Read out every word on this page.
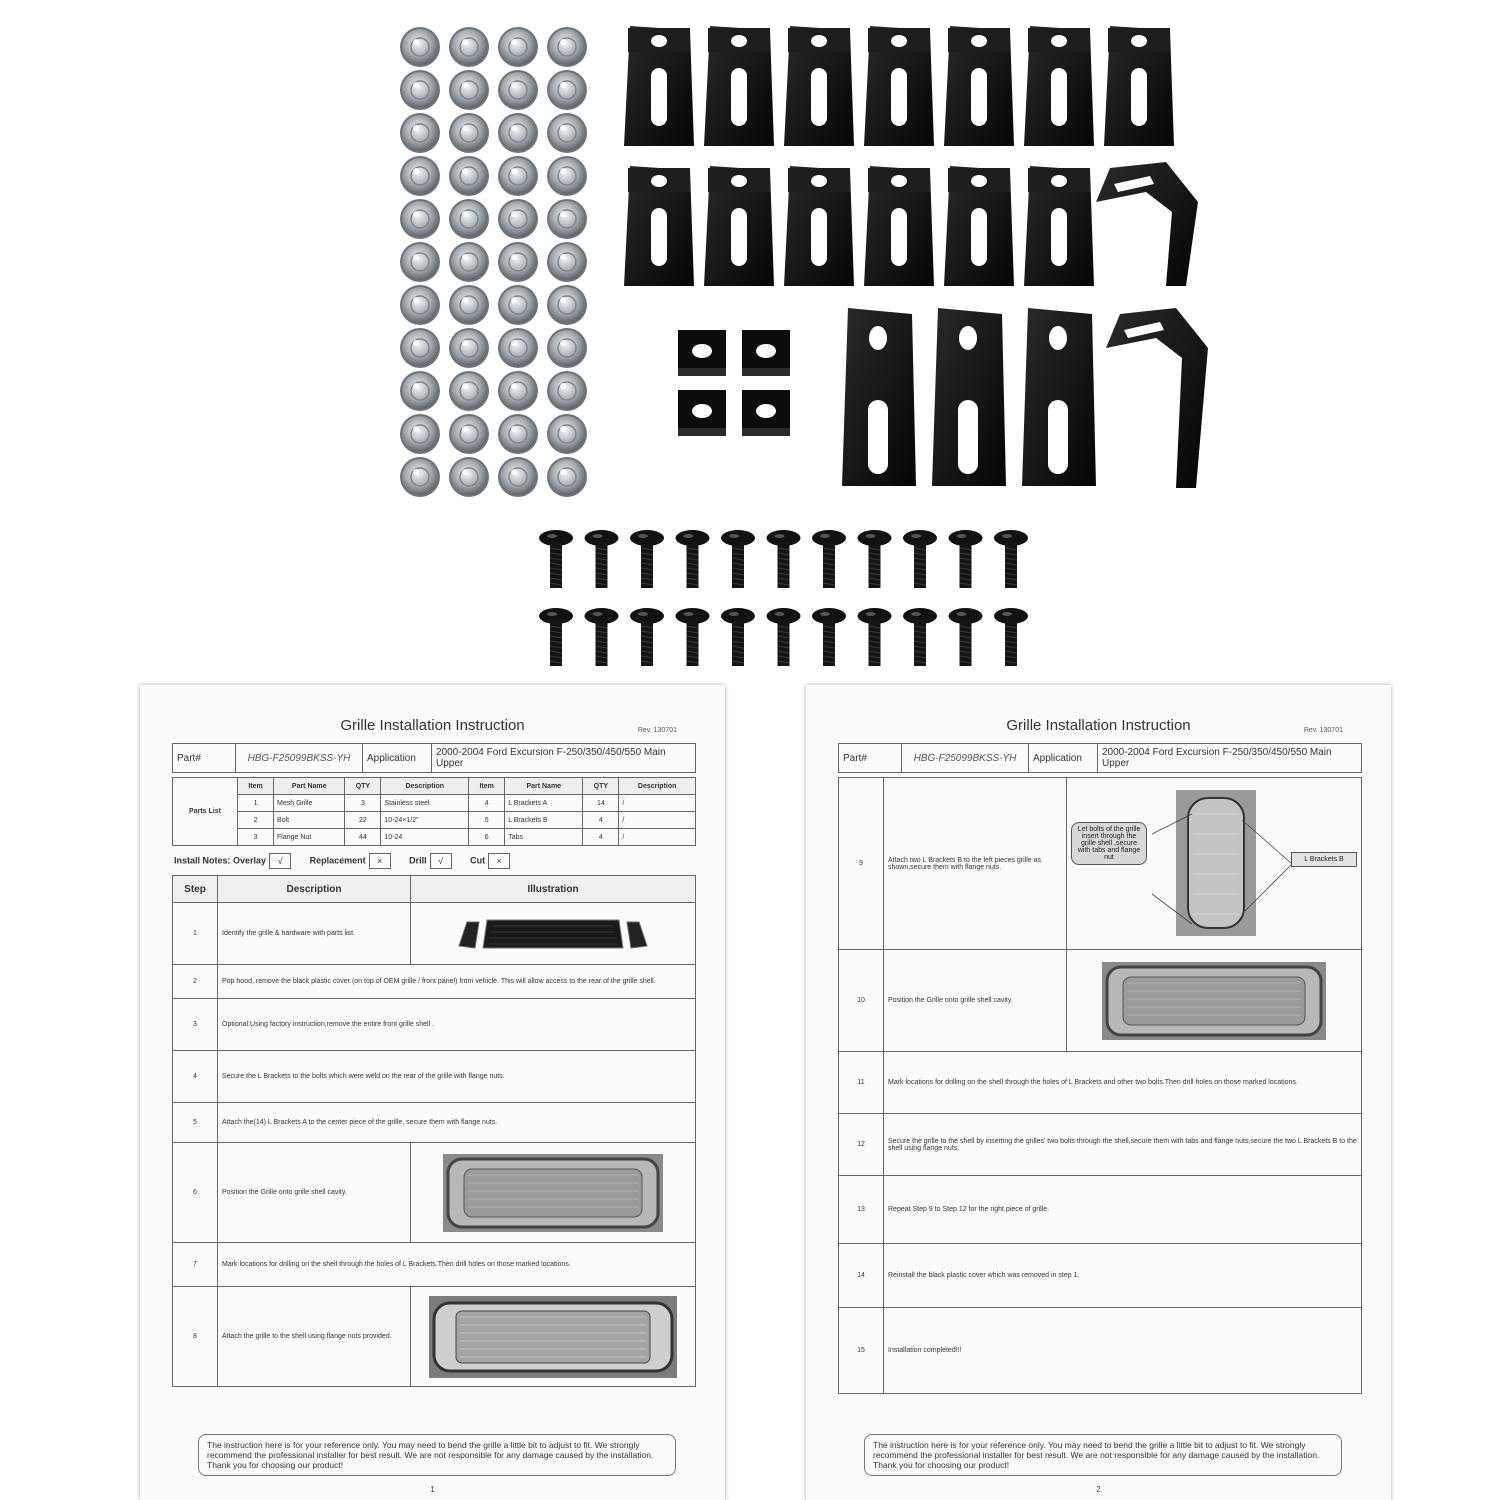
Grille Installation Instruction	Rev. 130701
Part#	HBG-F25099BKSS-YH	Application	2000-2004 Ford Excursion F-250/350/450/550 Main Upper
Parts List	Item	Part Name	QTY	Description	Item	Part Name	QTY	Description
	1	Mesh Grille	3	Stainless steel	4	L Brackets A	14	/
	2	Bolt	22	10-24×1/2"	5	L Brackets B	4	/
	3	Flange Nut	44	10-24	6	Tabs	4	/
Install Notes: Overlay √	Replacement ×	Drill √	Cut ×
Step	Description	Illustration
1	Identify the grille & hardware with parts list.	

2	Pop hood, remove the black plastic cover (on top of OEM grille / front panel) from vehicle. This will allow access to the rear of the grille shell.	
3	Optional:Using factory instruction,remove the entire front grille shell .	
4	Secure the L Brackets to the bolts which were weld on the rear of the grille with flange nuts.	
5	Attach the(14) L Brackets A to the center piece of the grille, secure them with flange nuts.	
6	Position the Grille onto grille shell cavity.	

7	Mark locations for drilling on the shell through the holes of L Brackets.Then drill holes on those marked locations.	
8	Attach the grille to the shell using flange nuts provided.	
The instruction here is for your reference only. You may need to bend the grille a little bit to adjust to fit. We strongly recommend the professional installer for best result. We are not responsible for any damage caused by the installation. Thank you for choosing our product!
1
Grille Installation Instruction	Rev. 130701
Part#	HBG-F25099BKSS-YH	Application	2000-2004 Ford Excursion F-250/350/450/550 Main Upper
9	Attach two L Brackets B to the left pieces grille as shown,secure them with flange nuts.	Let bolts of the grille insert through the grille shell ,secure with tabs and flange nut L Brackets B

10	Position the Grille onto grille shell cavity.	

11	Mark locations for drilling on the shell through the holes of L Brackets and other two bolts.Then drill holes on those marked locations.	
12	Secure the grille to the shell by inserting the grilles' two bolts through the shell,secure them with tabs and flange nuts,secure the two L Brackets B to the shell using flange nuts.	
13	Repeat Step 9 to Step 12 for the right piece of grille.	
14	Reinstall the black plastic cover which was removed in step 1.	
15	Installation completed!!!	
The instruction here is for your reference only. You may need to bend the grille a little bit to adjust to fit. We strongly recommend the professional installer for best result. We are not responsible for any damage caused by the installation. Thank you for choosing our product!
2
